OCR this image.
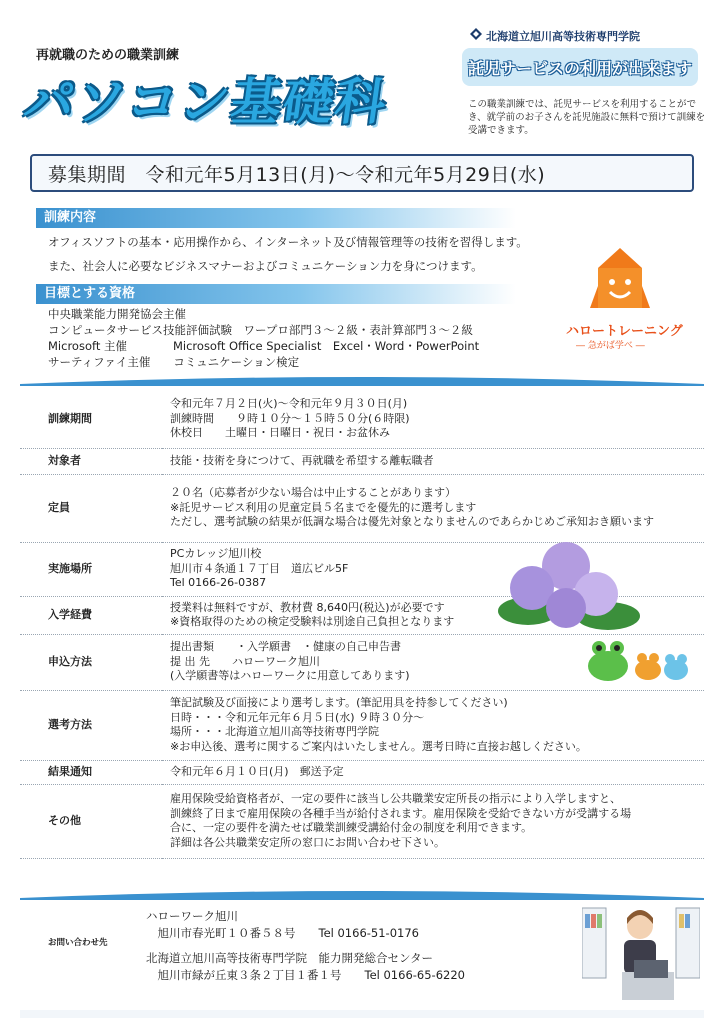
再就職のための職業訓練
パソコン基礎科
北海道立旭川高等技術専門学院
託児サービスの利用が出来ます
この職業訓練では、託児サービスを利用することができ、就学前のお子さんを託児施設に無料で預けて訓練を受講できます。
募集期間　令和元年5月13日(月)～令和元年5月29日(水)
訓練内容
オフィスソフトの基本・応用操作から、インターネット及び情報管理等の技術を習得します。
また、社会人に必要なビジネスマナーおよびコミュニケーション力を身につけます。
目標とする資格
中央職業能力開発協会主催
コンピュータサービス技能評価試験　ワープロ部門３～２級・表計算部門３～２級
Microsoft 主催　　　　Microsoft Office Specialist　Excel・Word・PowerPoint
サーティファイ主催　　コミュニケーション検定
ハロートレーニング
― 急がば学べ ―
訓練期間	令和元年７月２日(火)～令和元年９月３０日(月)
訓練時間　　９時１０分～１５時５０分(６時限)
休校日　　土曜日・日曜日・祝日・お盆休み

対象者	技能・技術を身につけて、再就職を希望する離転職者

定員	２０名（応募者が少ない場合は中止することがあります）
※託児サービス利用の児童定員５名までを優先的に選考します
ただし、選考試験の結果が低調な場合は優先対象となりませんのであらかじめご承知おき願います

実施場所	PCカレッジ旭川校
旭川市４条通１７丁目　道広ビル5F
Tel 0166-26-0387

入学経費	授業料は無料ですが、教材費 8,640円(税込)が必要です
※資格取得のための検定受験料は別途自己負担となります

申込方法	提出書類　　・入学願書　・健康の自己申告書
提 出 先　　ハローワーク旭川
(入学願書等はハローワークに用意してあります)

選考方法	筆記試験及び面接により選考します。(筆記用具を持参してください)
日時・・・令和元年元年６月５日(水) ９時３０分～
場所・・・北海道立旭川高等技術専門学院
※お申込後、選考に関するご案内はいたしません。選考日時に直接お越しください。

結果通知	令和元年６月１０日(月)　郵送予定

その他	雇用保険受給資格者が、一定の要件に該当し公共職業安定所長の指示により入学しますと、
訓練終了日まで雇用保険の各種手当が給付されます。雇用保険を受給できない方が受講する場
合に、一定の要件を満たせば職業訓練受講給付金の制度を利用できます。
詳細は各公共職業安定所の窓口にお問い合わせ下さい。
お問い合わせ先
ハローワーク旭川
　旭川市春光町１０番５８号　　Tel 0166-51-0176
北海道立旭川高等技術専門学院　能力開発総合センター
　旭川市緑が丘東３条２丁目１番１号　　Tel 0166-65-6220
